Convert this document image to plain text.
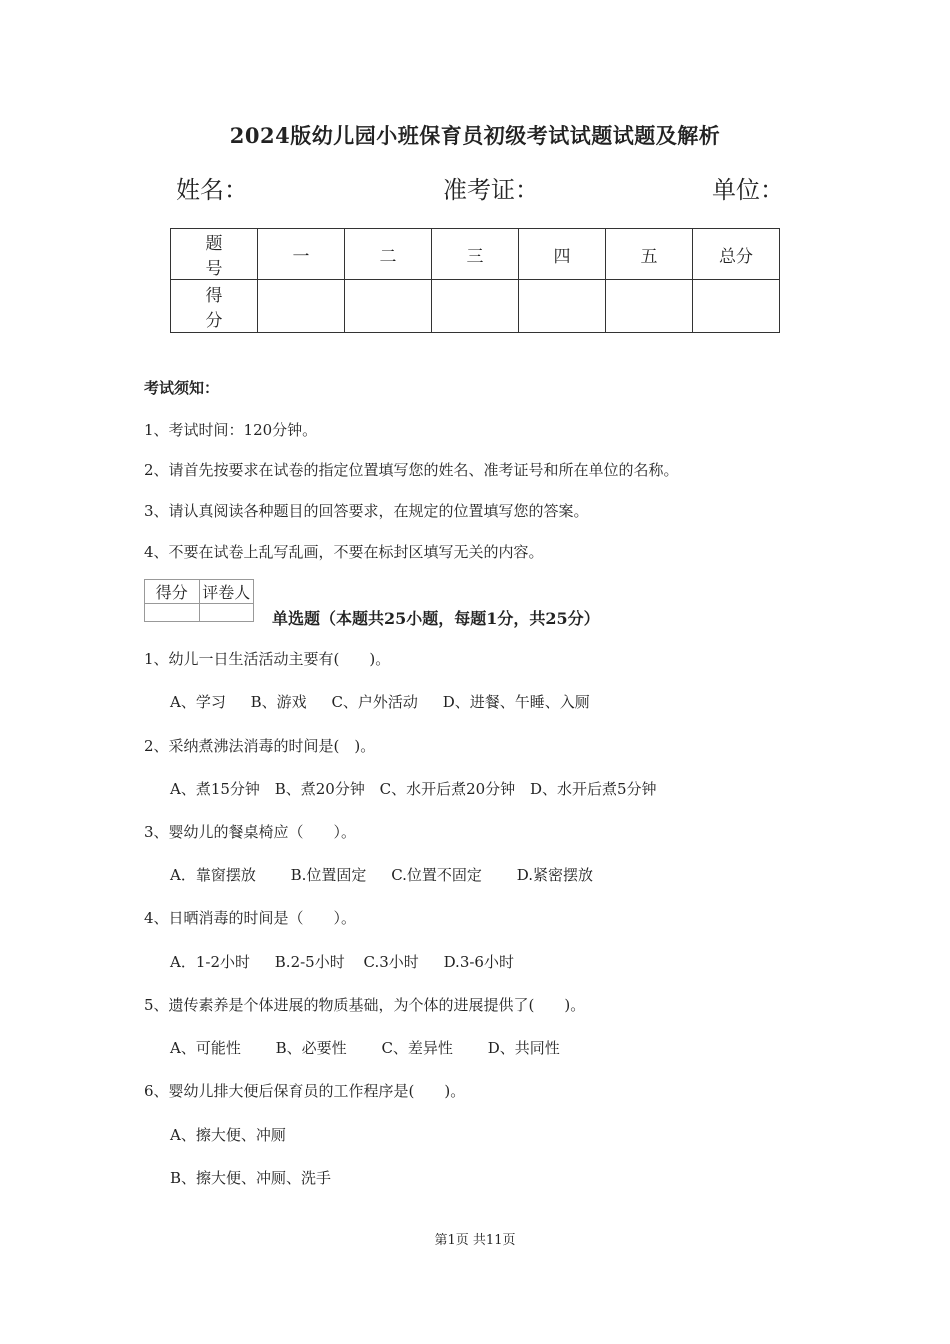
2024版幼儿园小班保育员初级考试试题试题及解析
姓名：	准考证：	单位：
题　号	一	二	三	四	五	总分
得　分						
考试须知：
1、考试时间：120分钟。
2、请首先按要求在试卷的指定位置填写您的姓名、准考证号和所在单位的名称。
3、请认真阅读各种题目的回答要求，在规定的位置填写您的答案。
4、不要在试卷上乱写乱画，不要在标封区填写无关的内容。
得分	评卷人

单选题（本题共25小题，每题1分，共25分）
1、幼儿一日生活活动主要有(　　)。
A、学习 B、游戏 C、户外活动 D、进餐、午睡、入厕
2、采纳煮沸法消毒的时间是(　)。
A、煮15分钟 B、煮20分钟 C、水开后煮20分钟 D、水开后煮5分钟
3、婴幼儿的餐桌椅应（　　）。
A．靠窗摆放 B.位置固定 C.位置不固定 D.紧密摆放
4、日晒消毒的时间是（　　）。
A．1-2小时 B.2-5小时 C.3小时 D.3-6小时
5、遗传素养是个体进展的物质基础，为个体的进展提供了(　　)。
A、可能性 B、必要性 C、差异性 D、共同性
6、婴幼儿排大便后保育员的工作程序是(　　)。
A、擦大便、冲厕
B、擦大便、冲厕、洗手
第1页 共11页
